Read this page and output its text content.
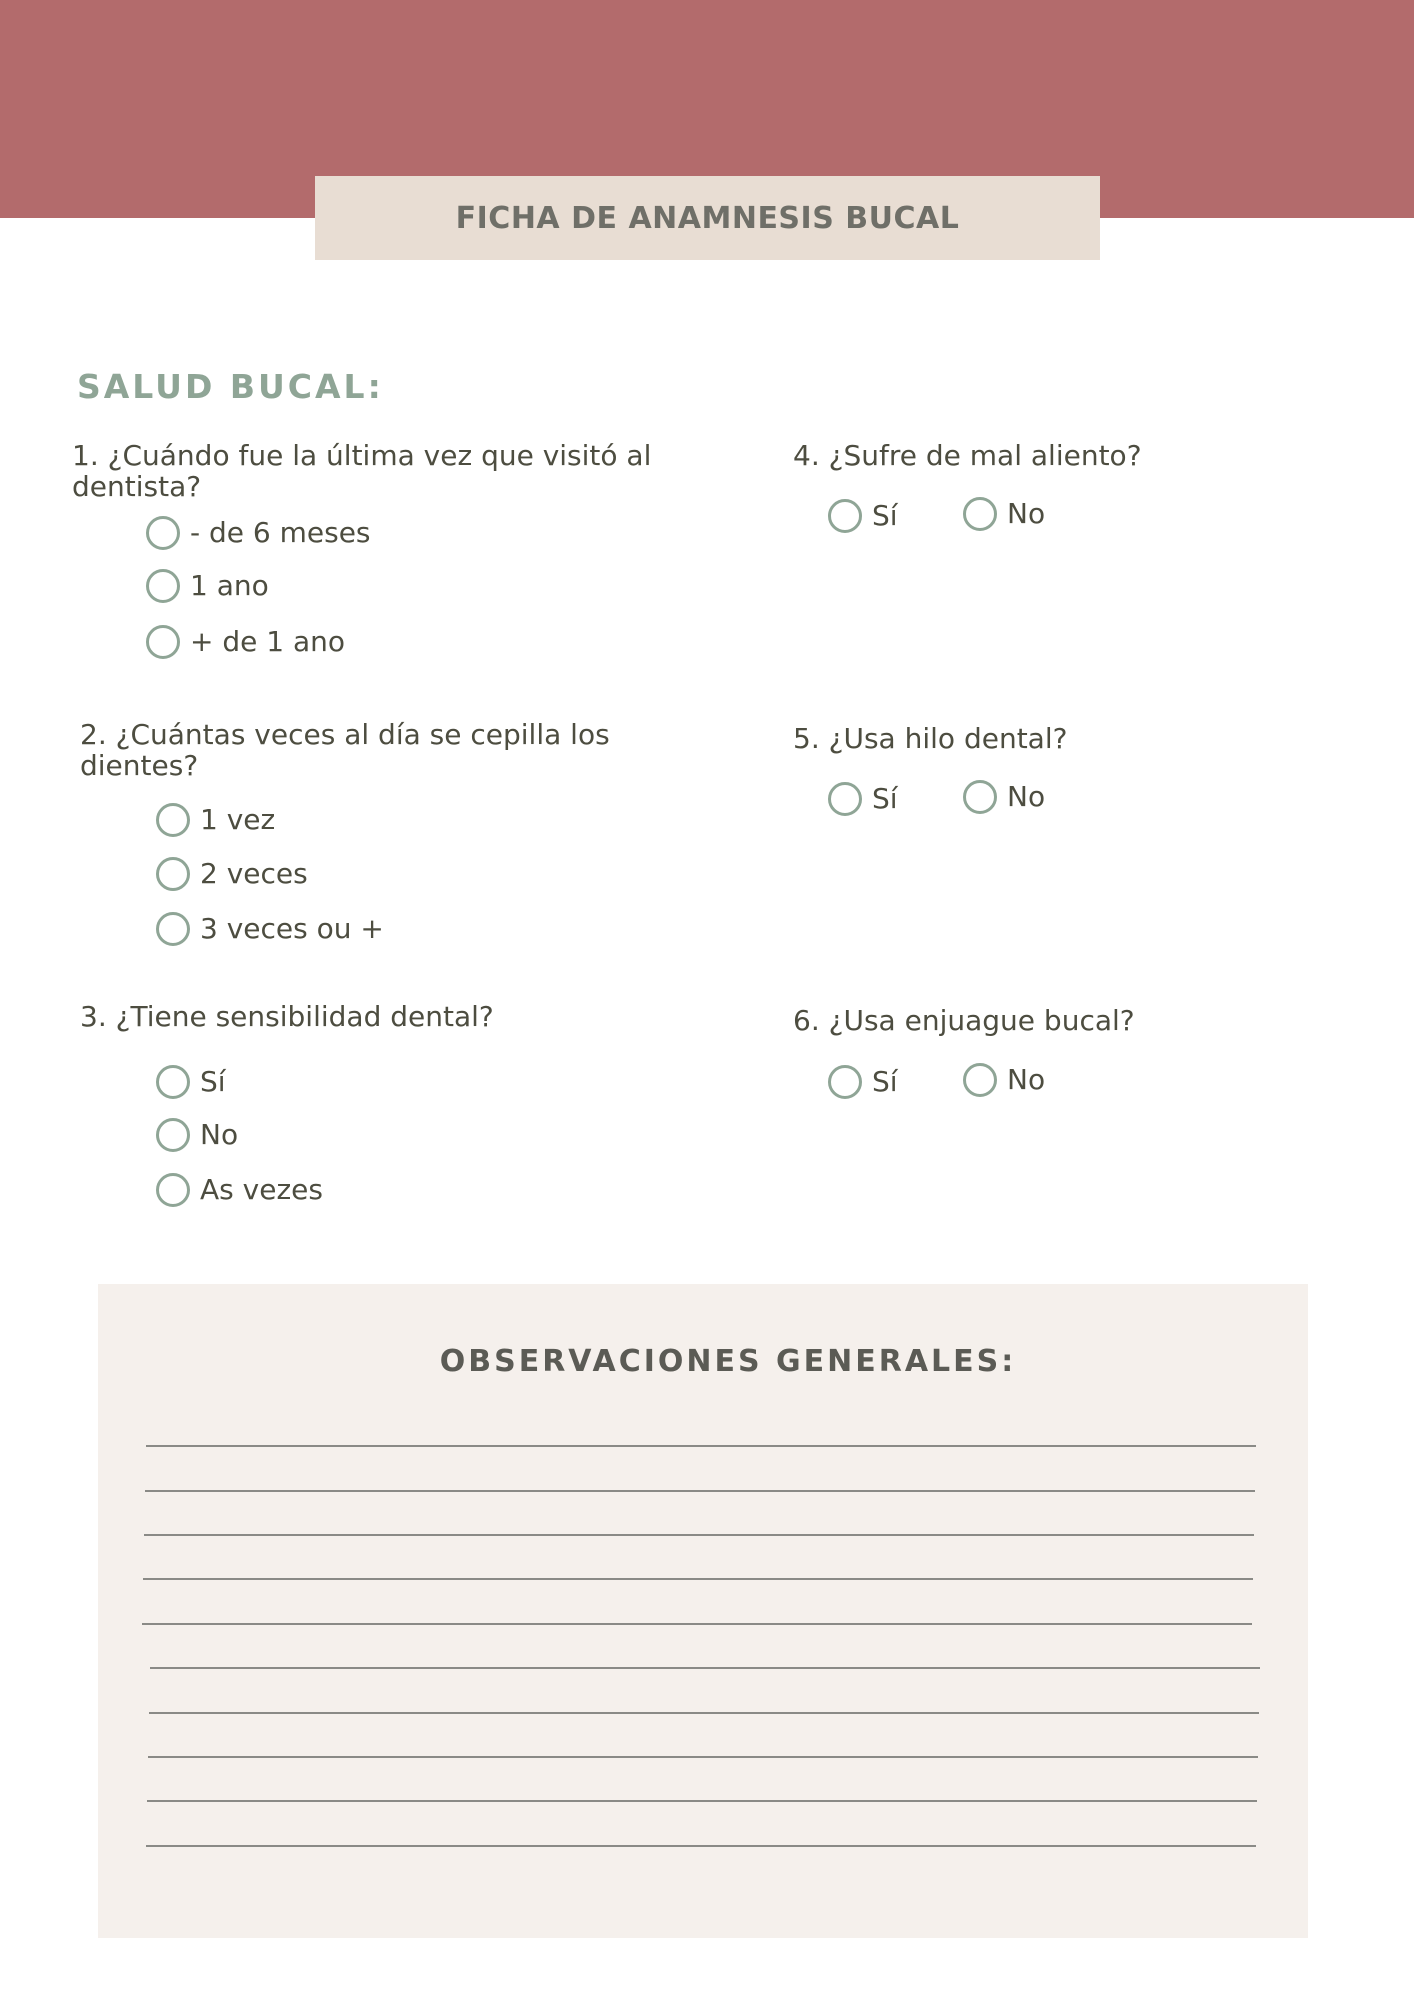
FICHA DE ANAMNESIS BUCAL
SALUD BUCAL:
1. ¿Cuándo fue la última vez que visitó al dentista?
- de 6 meses
1 ano
+ de 1 ano
2. ¿Cuántas veces al día se cepilla los dientes?
1 vez
2 veces
3 veces ou +
3. ¿Tiene sensibilidad dental?
Sí
No
As vezes
4. ¿Sufre de mal aliento?
Sí	No
5. ¿Usa hilo dental?
Sí	No
6. ¿Usa enjuague bucal?
Sí	No
OBSERVACIONES GENERALES:
